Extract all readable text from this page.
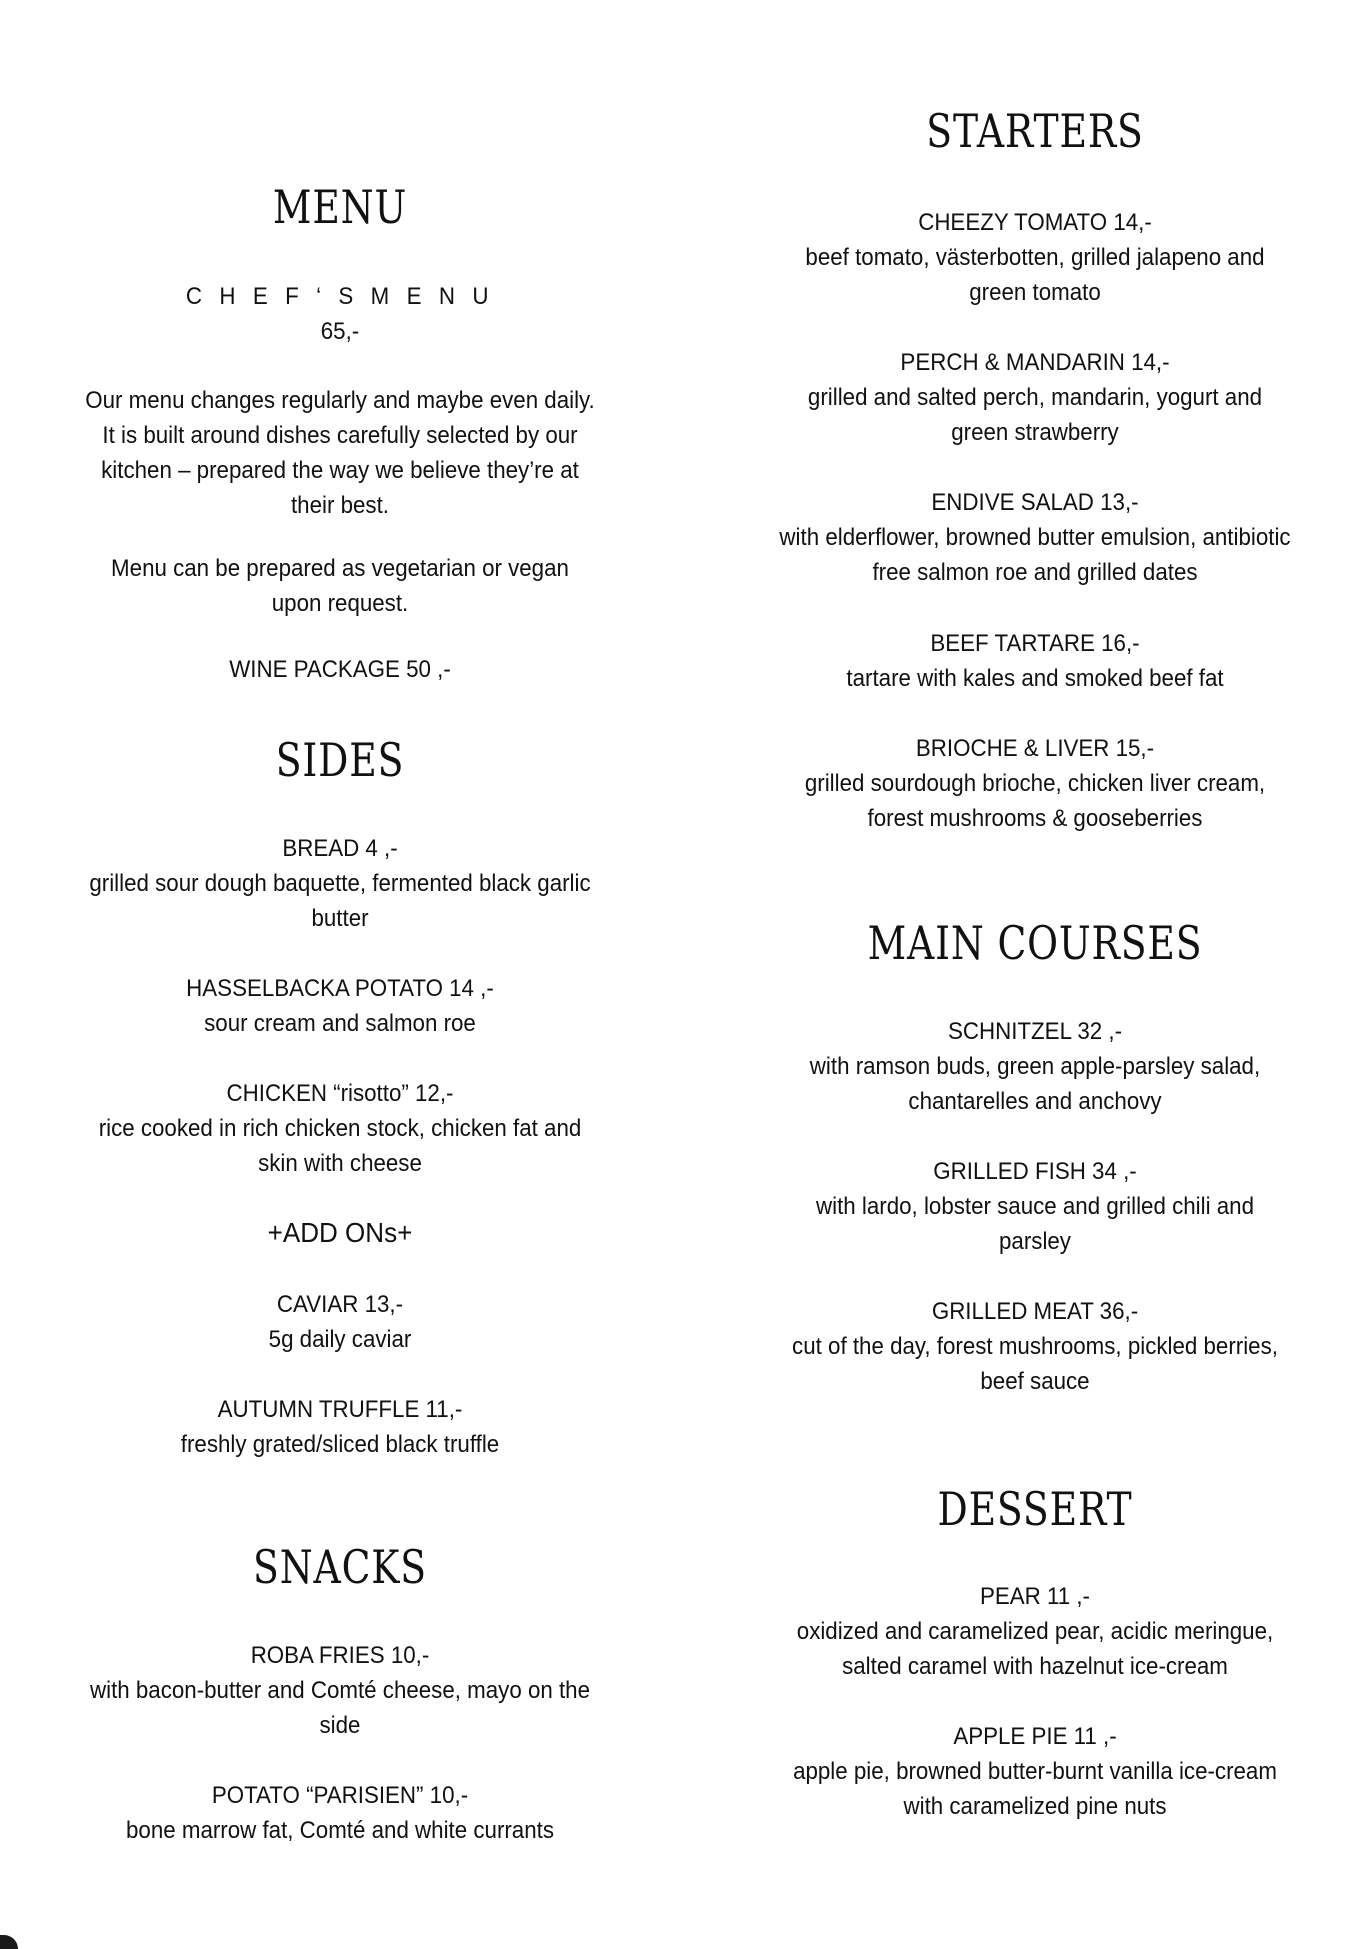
MENU
C H E F ‘ S M E N U
65,-
Our menu changes regularly and maybe even daily.
It is built around dishes carefully selected by our
kitchen – prepared the way we believe they’re at
their best.
Menu can be prepared as vegetarian or vegan
upon request.
WINE PACKAGE 50 ,-
SIDES
BREAD 4 ,-
grilled sour dough baquette, fermented black garlic
butter
HASSELBACKA POTATO 14 ,-
sour cream and salmon roe
CHICKEN “risotto” 12,-
rice cooked in rich chicken stock, chicken fat and
skin with cheese
+ADD ONs+
CAVIAR 13,-
5g daily caviar
AUTUMN TRUFFLE 11,-
freshly grated/sliced black truffle
SNACKS
ROBA FRIES 10,-
with bacon-butter and Comté cheese, mayo on the
side
POTATO “PARISIEN” 10,-
bone marrow fat, Comté and white currants
STARTERS
CHEEZY TOMATO 14,-
beef tomato, västerbotten, grilled jalapeno and
green tomato
PERCH & MANDARIN 14,-
grilled and salted perch, mandarin, yogurt and
green strawberry
ENDIVE SALAD 13,-
with elderflower, browned butter emulsion, antibiotic
free salmon roe and grilled dates
BEEF TARTARE 16,-
tartare with kales and smoked beef fat
BRIOCHE & LIVER 15,-
grilled sourdough brioche, chicken liver cream,
forest mushrooms & gooseberries
MAIN COURSES
SCHNITZEL 32 ,-
with ramson buds, green apple-parsley salad,
chantarelles and anchovy
GRILLED FISH 34 ,-
with lardo, lobster sauce and grilled chili and
parsley
GRILLED MEAT 36,-
cut of the day, forest mushrooms, pickled berries,
beef sauce
DESSERT
PEAR 11 ,-
oxidized and caramelized pear, acidic meringue,
salted caramel with hazelnut ice-cream
APPLE PIE 11 ,-
apple pie, browned butter-burnt vanilla ice-cream
with caramelized pine nuts
